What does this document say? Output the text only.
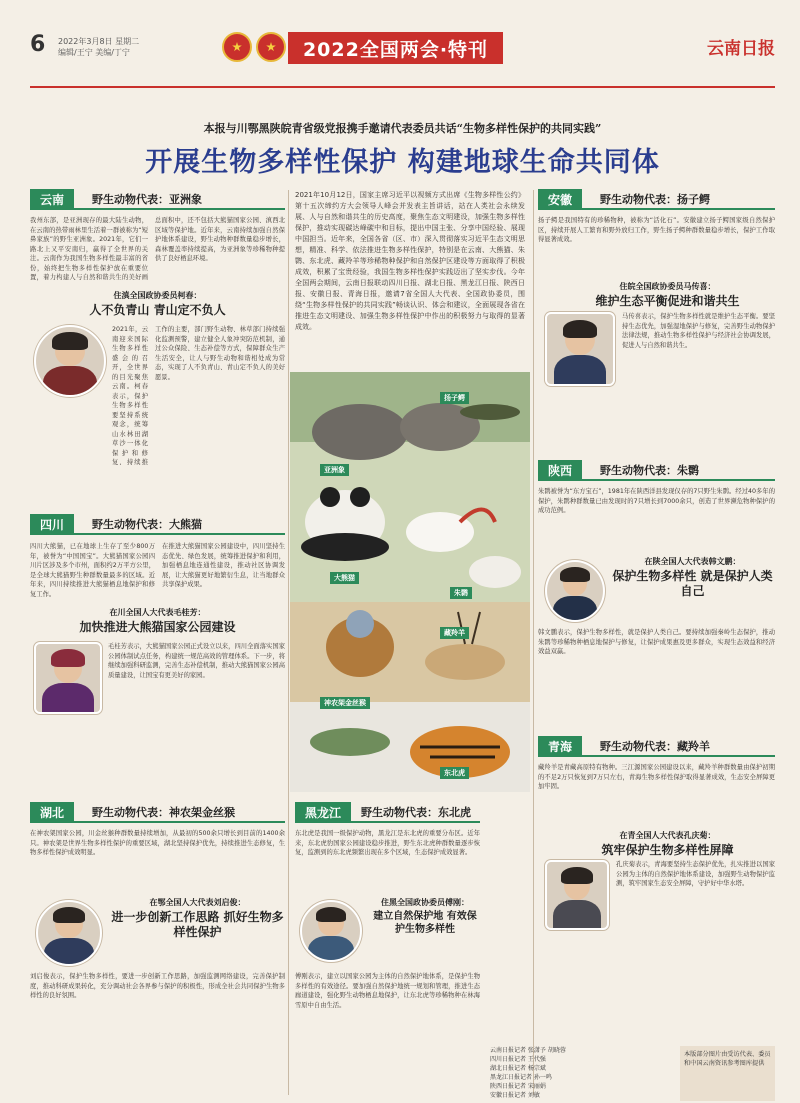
6 2022年3月8日 星期二
编辑/王宁 美编/丁宁	2022全国两会·特刊	云南日报
本报与川鄂黑陕皖青省级党报携手邀请代表委员共话“生物多样性保护的共同实践”
开展生物多样性保护 构建地球生命共同体
云南	野生动物代表：亚洲象
我州东部，是亚洲现存的最大陆生动物，在云南的热带雨林里生活着一群被称为“短鼻家族”的野生亚洲象。2021年，它们一路北上又平安南归，赢得了全世界的关注。云南作为我国生物多样性最丰富的省份，始终把生物多样性保护放在重要位置，着力构建人与自然和谐共生的美好画
总面积中，还不包括大熊猫国家公园、滇西北区域等保护地。近年来，云南持续加强自然保护地体系建设，野生动物种群数量稳步增长，森林覆盖率持续提高，为亚洲象等珍稀物种提供了良好栖息环境。
住滇全国政协委员柯春：
人不负青山 青山定不负人
2021年，云南迎来国际生物多样性盛会的召开，全世界的目光聚焦云南。柯春表示，保护生物多样性要坚持系统观念，统筹山水林田湖草沙一体化保护和修复，持续推
工作的主要，部门野生动物、林草部门持续强化监测预警，建立健全人象冲突防范机制，通过公众保险、生态补偿等方式，保障群众生产生活安全，让人与野生动物和谐相处成为常态，实现了人不负青山、青山定不负人的美好愿景。
四川	野生动物代表：大熊猫
四川大熊猫，已在地球上生存了至少800万年，被誉为“中国国宝”。大熊猫国家公园四川片区涉及多个市州，面积约2万平方公里，是全球大熊猫野生种群数量最多的区域。近年来，四川持续推进大熊猫栖息地保护和修复工作。
在推进大熊猫国家公园建设中，四川坚持生态优先、绿色发展，统筹推进保护和利用，加强栖息地连通性建设，推动社区协调发展，让大熊猫更好地繁衍生息，让当地群众共享保护成果。
在川全国人大代表毛桂芳：
加快推进大熊猫国家公园建设
毛桂芳表示，大熊猫国家公园正式设立以来，四川全面落实国家公园体制试点任务，构建统一规范高效的管理体系。下一步，将继续加强科研监测，完善生态补偿机制，推动大熊猫国家公园高质量建设，让国宝有更美好的家园。
湖北	野生动物代表：神农架金丝猴
在神农架国家公园，川金丝猴种群数量持续增加，从最初的500余只增长到目前的1400余只。神农架是世界生物多样性保护的重要区域，湖北坚持保护优先，持续推进生态修复，生物多样性保护成效明显。
在鄂全国人大代表刘启俊：
进一步创新工作思路 抓好生物多样性保护
刘启俊表示，保护生物多样性，要进一步创新工作思路，加强监测网络建设，完善保护制度，推动科研成果转化，充分调动社会各界参与保护的积极性，形成全社会共同保护生物多样性的良好氛围。
2021年10月12日，国家主席习近平以视频方式出席《生物多样性公约》第十五次缔约方大会领导人峰会并发表主旨讲话，站在人类社会永续发展、人与自然和谐共生的历史高度，聚焦生态文明建设，加强生物多样性保护，推动实现碳达峰碳中和目标，提出中国主张、分享中国经验、展现中国担当。近年来，全国各省（区、市）深入贯彻落实习近平生态文明思想，精准、科学、依法推进生物多样性保护，特别是在云南、大熊猫、朱鹮、东北虎、藏羚羊等珍稀物种保护和自然保护区建设等方面取得了积极成效，积累了宝贵经验，我国生物多样性保护实践迈出了坚实步伐。今年全国两会期间，云南日报联动四川日报、湖北日报、黑龙江日报、陕西日报、安徽日报、青海日报，邀请7省全国人大代表、全国政协委员，围绕“生物多样性保护的共同实践”畅谈认识、体会和建议，全面展现各省在推进生态文明建设、加强生物多样性保护中作出的积极努力与取得的显著成效。
扬子鳄
亚洲象
朱鹮
大熊猫
藏羚羊
神农架金丝猴
东北虎
黑龙江	野生动物代表：东北虎
东北虎是我国一级保护动物，黑龙江是东北虎的重要分布区。近年来，东北虎豹国家公园建设稳步推进，野生东北虎种群数量逐步恢复，监测到的东北虎频繁出现在多个区域，生态保护成效显著。
住黑全国政协委员傅刚：
建立自然保护地 有效保护生物多样性
傅刚表示，建立以国家公园为主体的自然保护地体系，是保护生物多样性的有效途径。要加强自然保护地统一规划和管理，推进生态廊道建设，强化野生动物栖息地保护，让东北虎等珍稀物种在林海雪原中自由生活。
安徽	野生动物代表：扬子鳄
扬子鳄是我国特有的珍稀物种，被称为“活化石”。安徽建立扬子鳄国家级自然保护区，持续开展人工繁育和野外放归工作，野生扬子鳄种群数量稳步增长，保护工作取得显著成效。
住皖全国政协委员马传喜：
维护生态平衡促进和谐共生
马传喜表示，保护生物多样性就是维护生态平衡。要坚持生态优先，加强湿地保护与修复，完善野生动物保护法律法规，推动生物多样性保护与经济社会协调发展，促进人与自然和谐共生。
陕西	野生动物代表：朱鹮
朱鹮被誉为“东方宝石”，1981年在陕西洋县发现仅存的7只野生朱鹮。经过40多年的保护，朱鹮种群数量已由发现时的7只增长到7000余只，创造了世界濒危物种保护的成功范例。
在陕全国人大代表韩文鹏：
保护生物多样性 就是保护人类自己
韩文鹏表示，保护生物多样性，就是保护人类自己。要持续加强秦岭生态保护，推动朱鹮等珍稀物种栖息地保护与修复，让保护成果惠及更多群众，实现生态效益和经济效益双赢。
青海	野生动物代表：藏羚羊
藏羚羊是青藏高原特有物种。三江源国家公园建设以来，藏羚羊种群数量由保护初期的不足2万只恢复到7万只左右，青海生物多样性保护取得显著成效，生态安全屏障更加牢固。
在青全国人大代表孔庆菊：
筑牢保护生物多样性屏障
孔庆菊表示，青海要坚持生态保护优先，扎实推进以国家公园为主体的自然保护地体系建设，加强野生动物保护监测，筑牢国家生态安全屏障，守护好中华水塔。
云南日报记者 张潇予 胡晓蓉
四川日报记者 王代强
湖北日报记者 杨宗斌
黑龙江日报记者 孙一鸣
陕西日报记者 宋丽娟
安徽日报记者 刘敏
本版部分图片由受访代表、委员和中国云南资讯参考图库提供
